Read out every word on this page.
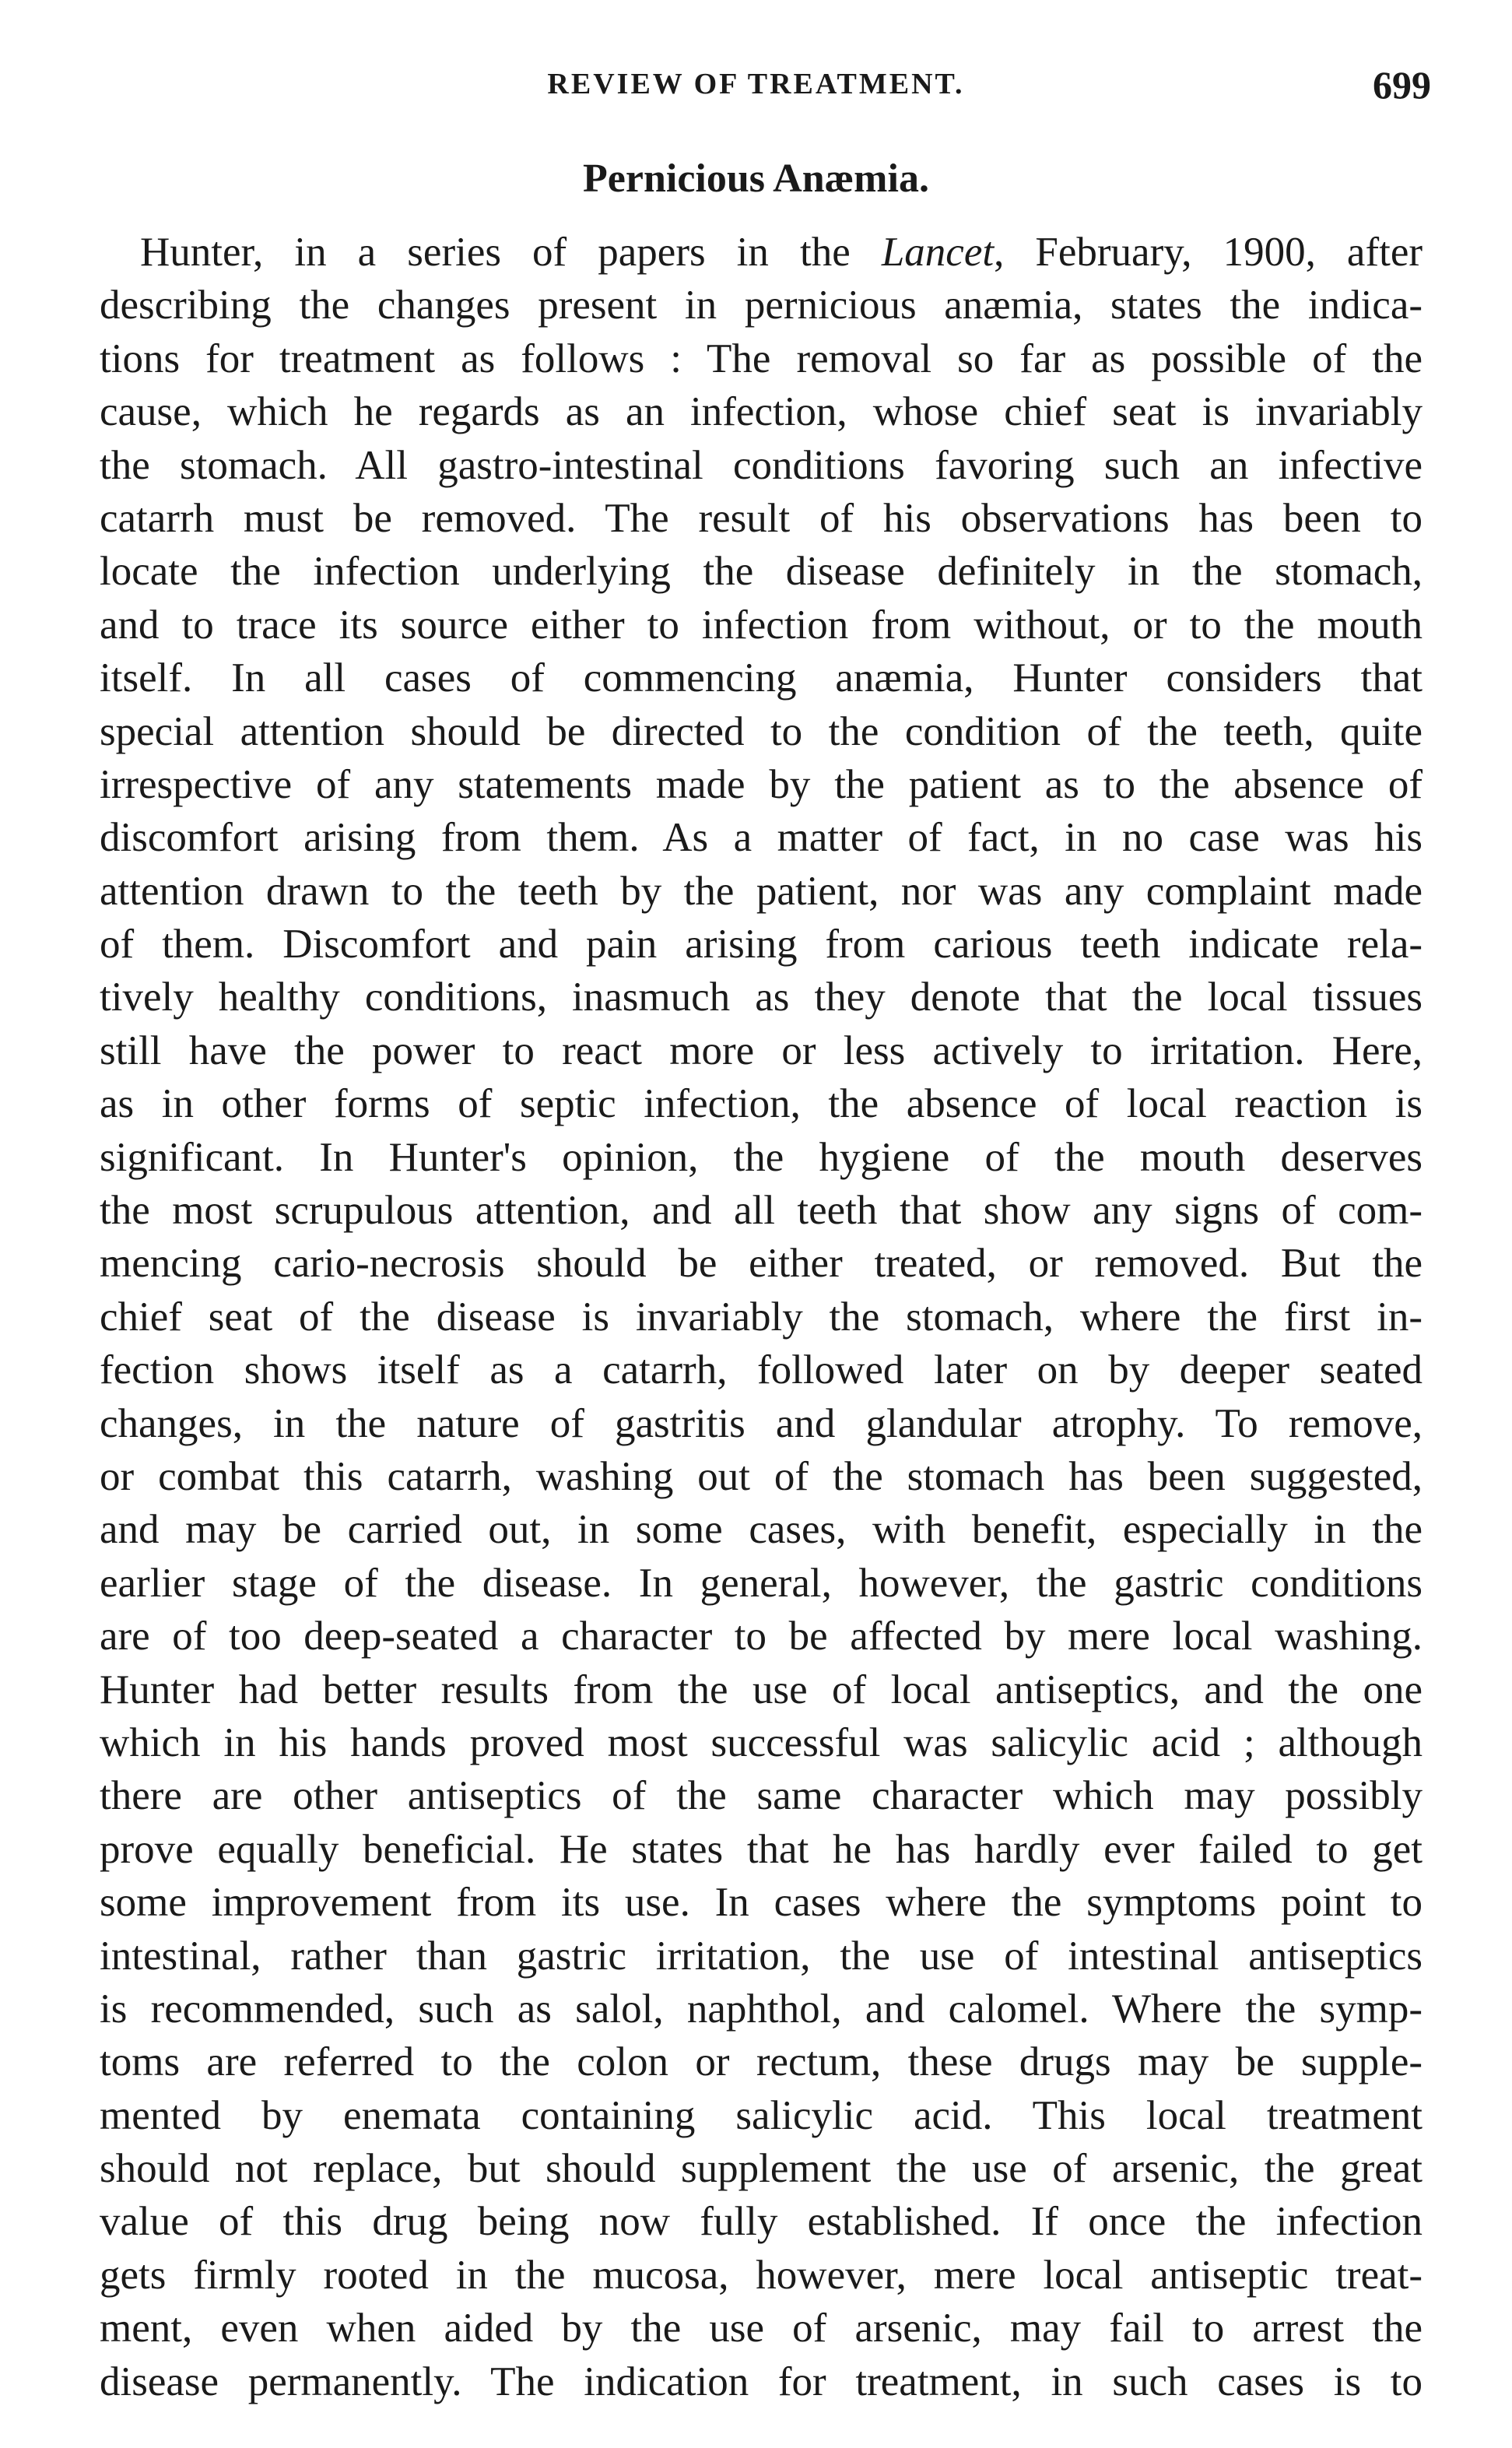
REVIEW OF TREATMENT.	699
Pernicious Anæmia.
Hunter, in a series of papers in the Lancet, February, 1900, after
describing the changes present in pernicious anæmia, states the indica-
tions for treatment as follows : The removal so far as possible of the
cause, which he regards as an infection, whose chief seat is invariably
the stomach. All gastro-intestinal conditions favoring such an infective
catarrh must be removed. The result of his observations has been to
locate the infection underlying the disease definitely in the stomach,
and to trace its source either to infection from without, or to the mouth
itself. In all cases of commencing anæmia, Hunter considers that
special attention should be directed to the condition of the teeth, quite
irrespective of any statements made by the patient as to the absence of
discomfort arising from them. As a matter of fact, in no case was his
attention drawn to the teeth by the patient, nor was any complaint made
of them. Discomfort and pain arising from carious teeth indicate rela-
tively healthy conditions, inasmuch as they denote that the local tissues
still have the power to react more or less actively to irritation. Here,
as in other forms of septic infection, the absence of local reaction is
significant. In Hunter's opinion, the hygiene of the mouth deserves
the most scrupulous attention, and all teeth that show any signs of com-
mencing cario-necrosis should be either treated, or removed. But the
chief seat of the disease is invariably the stomach, where the first in-
fection shows itself as a catarrh, followed later on by deeper seated
changes, in the nature of gastritis and glandular atrophy. To remove,
or combat this catarrh, washing out of the stomach has been suggested,
and may be carried out, in some cases, with benefit, especially in the
earlier stage of the disease. In general, however, the gastric conditions
are of too deep-seated a character to be affected by mere local washing.
Hunter had better results from the use of local antiseptics, and the one
which in his hands proved most successful was salicylic acid ; although
there are other antiseptics of the same character which may possibly
prove equally beneficial. He states that he has hardly ever failed to get
some improvement from its use. In cases where the symptoms point to
intestinal, rather than gastric irritation, the use of intestinal antiseptics
is recommended, such as salol, naphthol, and calomel. Where the symp-
toms are referred to the colon or rectum, these drugs may be supple-
mented by enemata containing salicylic acid. This local treatment
should not replace, but should supplement the use of arsenic, the great
value of this drug being now fully established. If once the infection
gets firmly rooted in the mucosa, however, mere local antiseptic treat-
ment, even when aided by the use of arsenic, may fail to arrest the
disease permanently. The indication for treatment, in such cases is to
